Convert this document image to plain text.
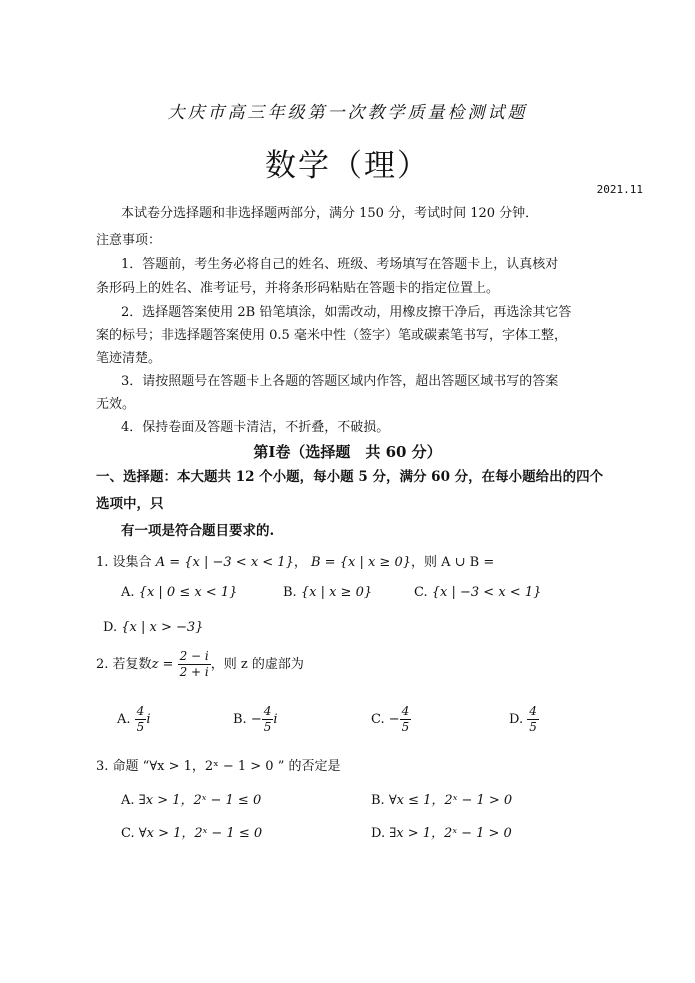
大庆市高三年级第一次教学质量检测试题
数学（理）
2021.11
本试卷分选择题和非选择题两部分，满分 150 分，考试时间 120 分钟．
注意事项：
1．答题前，考生务必将自己的姓名、班级、考场填写在答题卡上，认真核对
条形码上的姓名、准考证号，并将条形码粘贴在答题卡的指定位置上。
2．选择题答案使用 2B 铅笔填涂，如需改动，用橡皮擦干净后，再选涂其它答
案的标号；非选择题答案使用 0.5 毫米中性（签字）笔或碳素笔书写，字体工整，
笔迹清楚。
3．请按照题号在答题卡上各题的答题区域内作答，超出答题区域书写的答案
无效。
4．保持卷面及答题卡清洁，不折叠，不破损。
第Ⅰ卷（选择题　共 60 分）
一、选择题：本大题共 12 个小题，每小题 5 分，满分 60 分，在每小题给出的四个
选项中，只
有一项是符合题目要求的.
1. 设集合 A = {x | −3 < x < 1}， B = {x | x ≥ 0}，则 A ∪ B =
A. {x | 0 ≤ x < 1}	B. {x | x ≥ 0}	C. {x | −3 < x < 1}
D. {x | x > −3}
2. 若复数$z = \frac{2 - i}{2 + i}$ ，则 z 的虚部为
A. $\frac{4}{5}$ i	B. − $\frac{4}{5}$ i	C. − $\frac{4}{5}$	D. $\frac{4}{5}$
3. 命题 “∀x > 1，2ˣ − 1 > 0 ” 的否定是
A. ∃x > 1，2ˣ − 1 ≤ 0	B. ∀x ≤ 1，2ˣ − 1 > 0
C. ∀x > 1，2ˣ − 1 ≤ 0	D. ∃x > 1，2ˣ − 1 > 0
